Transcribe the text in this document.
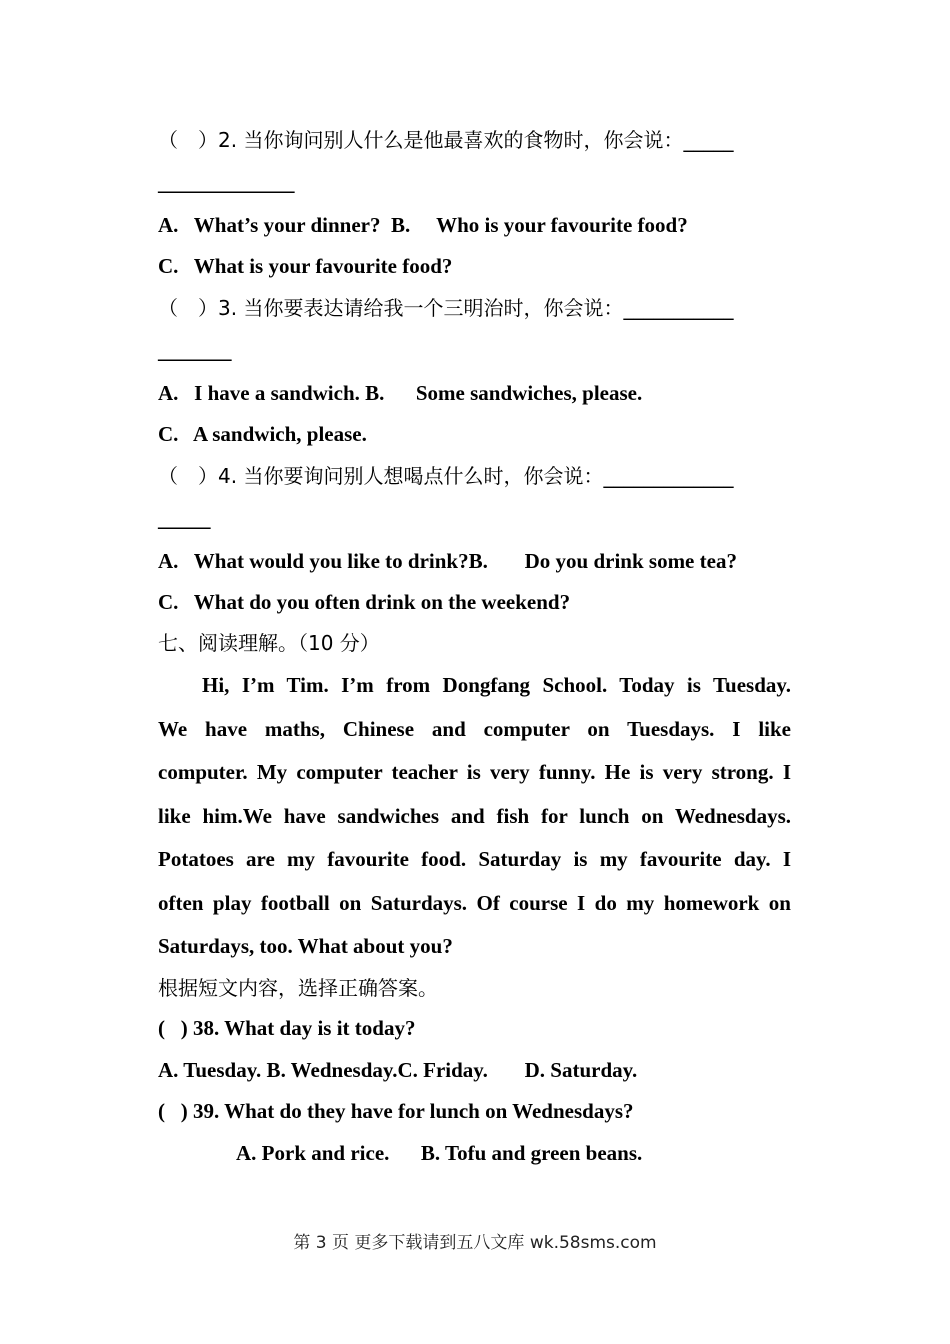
（　）2. 当你询问别人什么是他最喜欢的食物时，你会说：_____
_____________
A.   What’s your dinner?  B.     Who is your favourite food?
C.   What is your favourite food?
（　）3. 当你要表达请给我一个三明治时，你会说：___________
_______
A.   I have a sandwich. B.      Some sandwiches, please.
C.   A sandwich, please.
（　）4. 当你要询问别人想喝点什么时，你会说：_____________
_____
A.   What would you like to drink?B.       Do you drink some tea?
C.   What do you often drink on the weekend?
七、阅读理解。（10 分）
Hi, I’m Tim. I’m from Dongfang School. Today is Tuesday.
We have maths, Chinese and computer on Tuesdays. I like
computer. My computer teacher is very funny. He is very strong. I
like him.We have sandwiches and fish for lunch on Wednesdays.
Potatoes are my favourite food. Saturday is my favourite day. I
often play football on Saturdays. Of course I do my homework on
Saturdays, too. What about you?
根据短文内容，选择正确答案。
(   ) 38. What day is it today?
A. Tuesday. B. Wednesday.C. Friday.       D. Saturday.
(   ) 39. What do they have for lunch on Wednesdays?
A. Pork and rice.      B. Tofu and green beans.
第 3 页 更多下载请到五八文库 wk.58sms.com
